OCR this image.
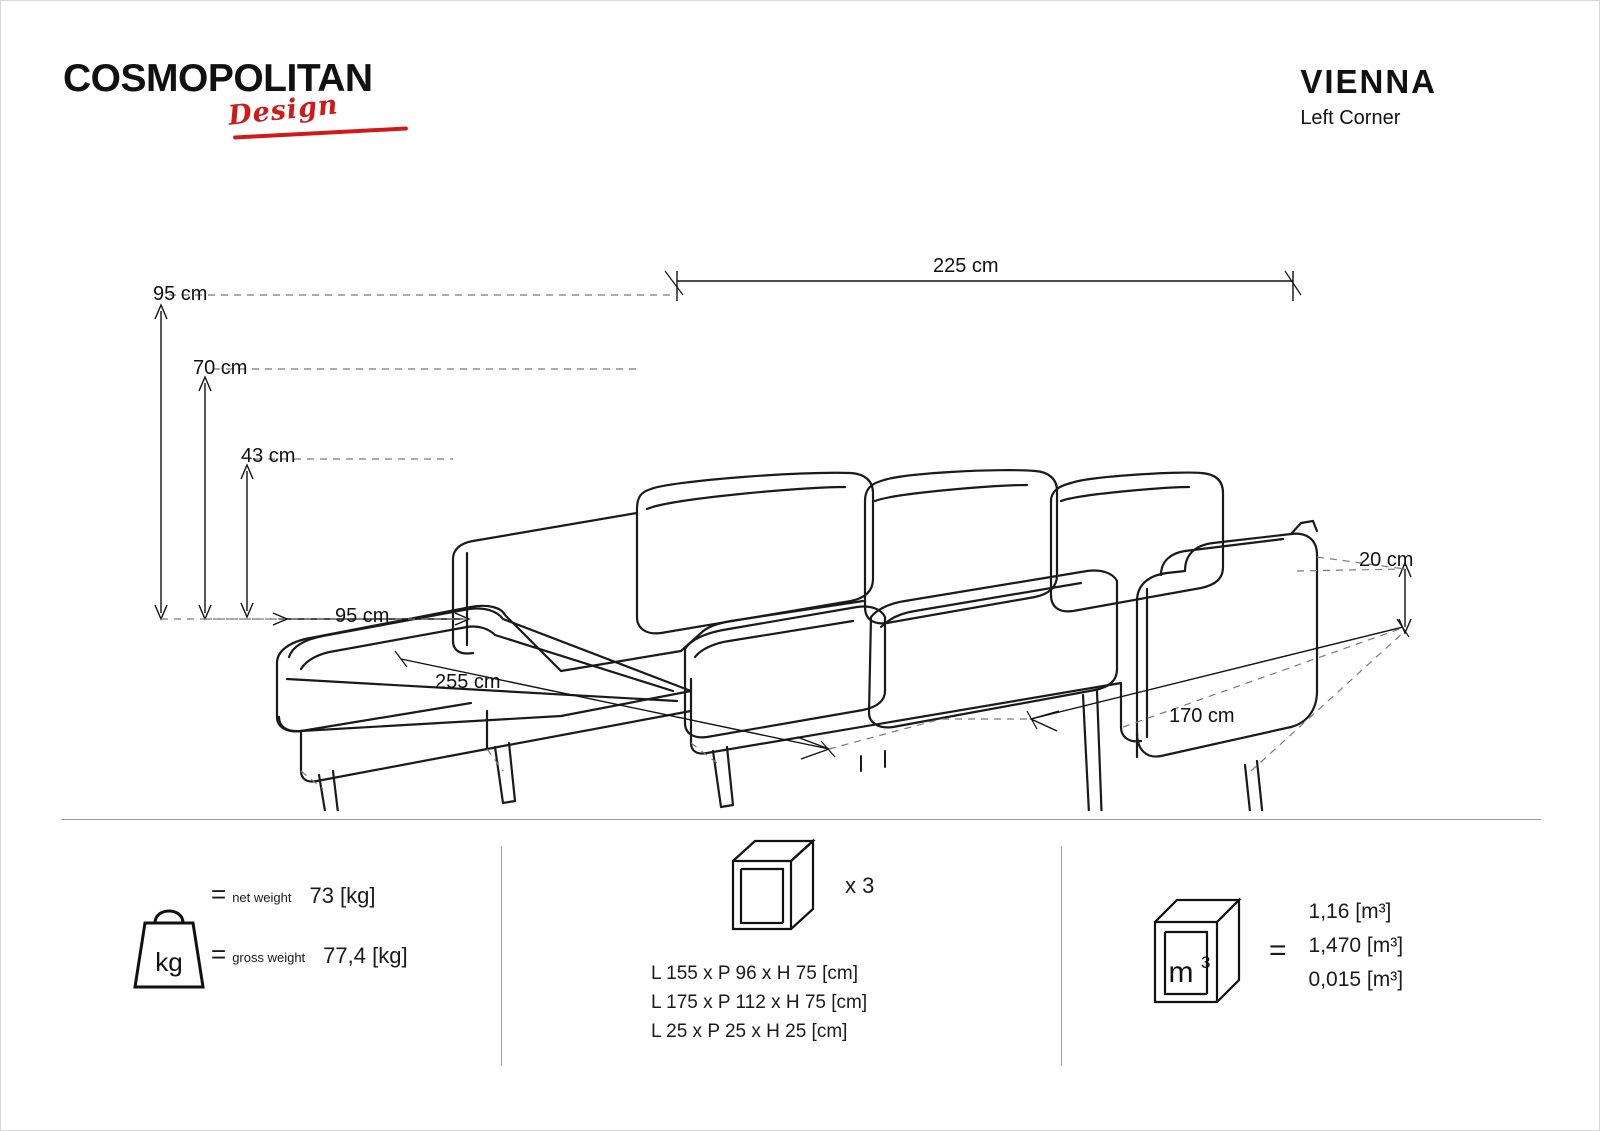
COSMOPOLITAN
Design
VIENNA
Left Corner
225 cm
95 cm
70 cm
43 cm
95 cm
255 cm
170 cm
20 cm
kg
= net weight 73 [kg]
= gross weight 77,4 [kg]
x 3
L 155 x P 96 x H 75 [cm]
L 175 x P 112 x H 75 [cm]
L 25 x P 25 x H 25 [cm]
m 3 =
1,16 [m³]
1,470 [m³]
0,015 [m³]
